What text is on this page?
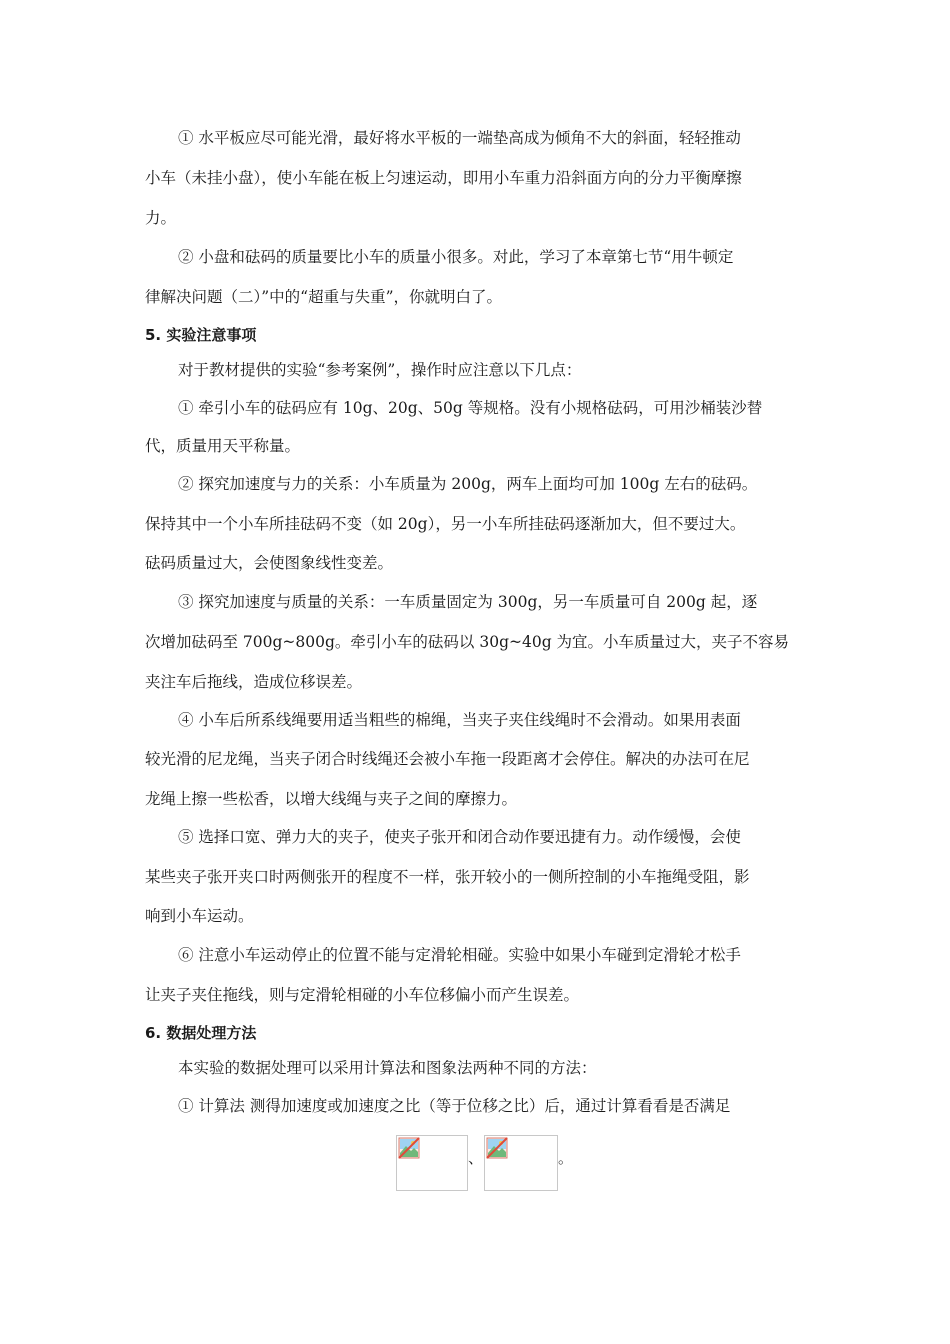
① 水平板应尽可能光滑，最好将水平板的一端垫高成为倾角不大的斜面，轻轻推动
小车（未挂小盘），使小车能在板上匀速运动，即用小车重力沿斜面方向的分力平衡摩擦
力。
② 小盘和砝码的质量要比小车的质量小很多。对此，学习了本章第七节“用牛顿定
律解决问题（二）”中的“超重与失重”，你就明白了。
5. 实验注意事项
对于教材提供的实验“参考案例”，操作时应注意以下几点：
① 牵引小车的砝码应有 10g、20g、50g 等规格。没有小规格砝码，可用沙桶装沙替
代，质量用天平称量。
② 探究加速度与力的关系：小车质量为 200g，两车上面均可加 100g 左右的砝码。
保持其中一个小车所挂砝码不变（如 20g），另一小车所挂砝码逐渐加大，但不要过大。
砝码质量过大，会使图象线性变差。
③ 探究加速度与质量的关系：一车质量固定为 300g，另一车质量可自 200g 起，逐
次增加砝码至 700g~800g。牵引小车的砝码以 30g~40g 为宜。小车质量过大，夹子不容易
夹注车后拖线，造成位移误差。
④ 小车后所系线绳要用适当粗些的棉绳，当夹子夹住线绳时不会滑动。如果用表面
较光滑的尼龙绳，当夹子闭合时线绳还会被小车拖一段距离才会停住。解决的办法可在尼
龙绳上擦一些松香，以增大线绳与夹子之间的摩擦力。
⑤ 选择口宽、弹力大的夹子，使夹子张开和闭合动作要迅捷有力。动作缓慢，会使
某些夹子张开夹口时两侧张开的程度不一样，张开较小的一侧所控制的小车拖绳受阻，影
响到小车运动。
⑥ 注意小车运动停止的位置不能与定滑轮相碰。实验中如果小车碰到定滑轮才松手
让夹子夹住拖线，则与定滑轮相碰的小车位移偏小而产生误差。
6. 数据处理方法
本实验的数据处理可以采用计算法和图象法两种不同的方法：
① 计算法 测得加速度或加速度之比（等于位移之比）后，通过计算看看是否满足
、	。
